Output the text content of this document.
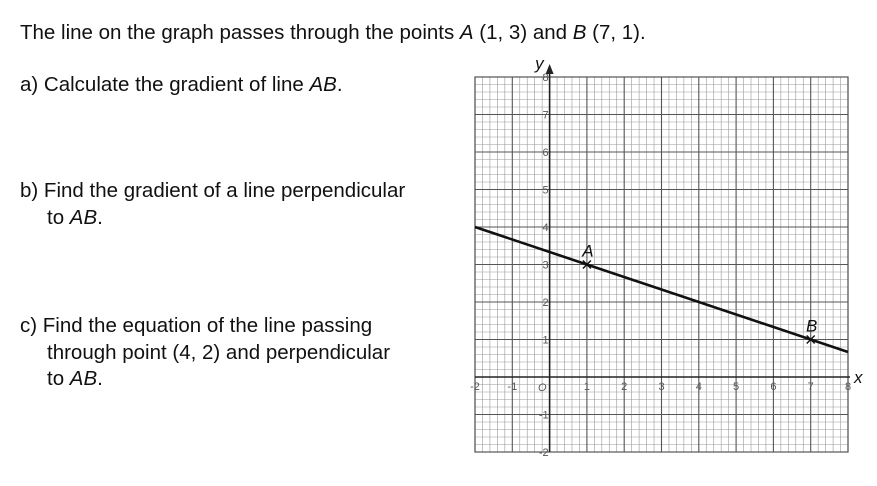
The line on the graph passes through the points A (1, 3) and B (7, 1).
a) Calculate the gradient of line AB.
b) Find the gradient of a line perpendicular
to AB.
c) Find the equation of the line passing
through point (4, 2) and perpendicular
to AB.	x
y
-2	-1	1	2	3	4	5	6	7	8
-2
-1
1
2
3
4
5
6
7
8
O
A
B
